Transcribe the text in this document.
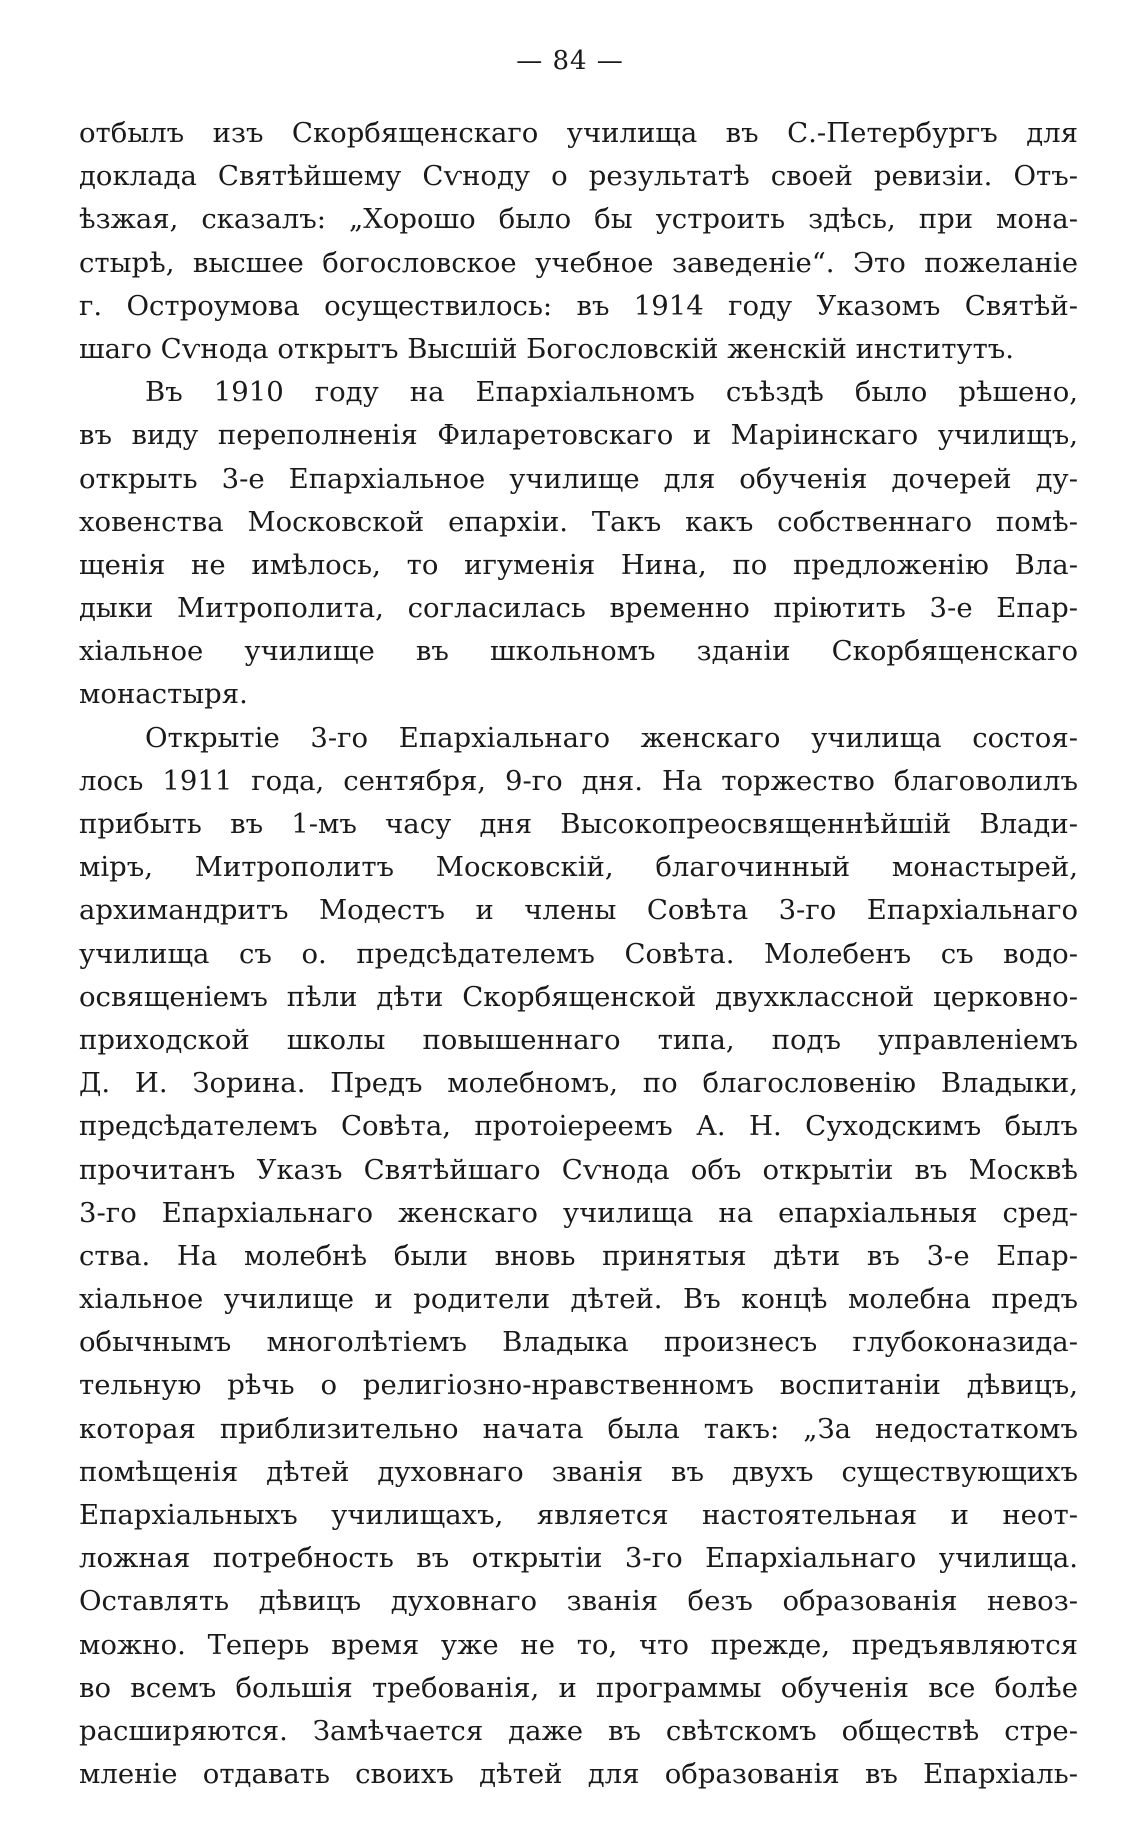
— 84 —
отбылъ изъ Скорбященскаго училища въ С.-Петербургъ для
доклада Святѣйшему Сѵноду о результатѣ своей ревизіи. Отъ-
ѣзжая, сказалъ: „Хорошо было бы устроить здѣсь, при мона-
стырѣ, высшее богословское учебное заведеніе“. Это пожеланіе
г. Остроумова осуществилось: въ 1914 году Указомъ Святѣй-
шаго Сѵнода открытъ Высшій Богословскій женскій институтъ.
Въ 1910 году на Епархіальномъ съѣздѣ было рѣшено,
въ виду переполненія Филаретовскаго и Маріинскаго училищъ,
открыть 3-е Епархіальное училище для обученія дочерей ду-
ховенства Московской епархіи. Такъ какъ собственнаго помѣ-
щенія не имѣлось, то игуменія Нина, по предложенію Вла-
дыки Митрополита, согласилась временно пріютить 3-е Епар-
хіальное училище въ школьномъ зданіи Скорбященскаго
монастыря.
Открытіе 3-го Епархіальнаго женскаго училища состоя-
лось 1911 года, сентября, 9-го дня. На торжество благоволилъ
прибыть въ 1-мъ часу дня Высокопреосвященнѣйшій Влади-
міръ, Митрополитъ Московскій, благочинный монастырей,
архимандритъ Модестъ и члены Совѣта 3-го Епархіальнаго
училища съ о. предсѣдателемъ Совѣта. Молебенъ съ водо-
освященіемъ пѣли дѣти Скорбященской двухклассной церковно-
приходской школы повышеннаго типа, подъ управленіемъ
Д. И. Зорина. Предъ молебномъ, по благословенію Владыки,
предсѣдателемъ Совѣта, протоіереемъ А. Н. Суходскимъ былъ
прочитанъ Указъ Святѣйшаго Сѵнода объ открытіи въ Москвѣ
3-го Епархіальнаго женскаго училища на епархіальныя сред-
ства. На молебнѣ были вновь принятыя дѣти въ 3-е Епар-
хіальное училище и родители дѣтей. Въ концѣ молебна предъ
обычнымъ многолѣтіемъ Владыка произнесъ глубоконазида-
тельную рѣчь о религіозно-нравственномъ воспитаніи дѣвицъ,
которая приблизительно начата была такъ: „За недостаткомъ
помѣщенія дѣтей духовнаго званія въ двухъ существующихъ
Епархіальныхъ училищахъ, является настоятельная и неот-
ложная потребность въ открытіи 3-го Епархіальнаго училища.
Оставлять дѣвицъ духовнаго званія безъ образованія невоз-
можно. Теперь время уже не то, что прежде, предъявляются
во всемъ большія требованія, и программы обученія все болѣе
расширяются. Замѣчается даже въ свѣтскомъ обществѣ стре-
мленіе отдавать своихъ дѣтей для образованія въ Епархіаль-
